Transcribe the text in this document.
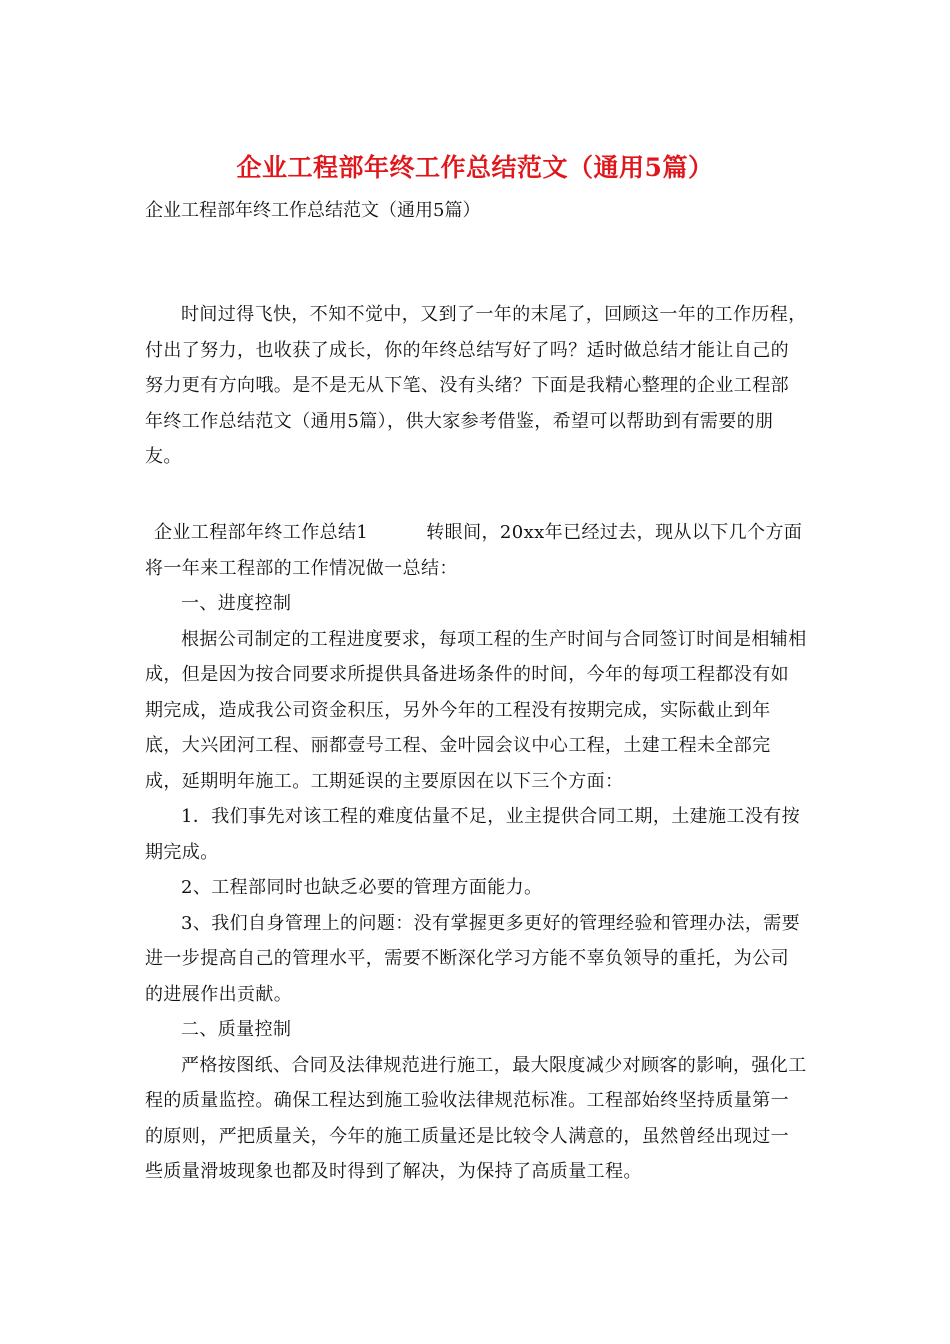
企业工程部年终工作总结范文（通用5篇）
企业工程部年终工作总结范文（通用5篇）

时间过得飞快，不知不觉中，又到了一年的末尾了，回顾这一年的工作历程，付出了努力，也收获了成长，你的年终总结写好了吗？适时做总结才能让自己的努力更有方向哦。是不是无从下笔、没有头绪？下面是我精心整理的企业工程部年终工作总结范文（通用5篇），供大家参考借鉴，希望可以帮助到有需要的朋友。

企业工程部年终工作总结1	转眼间，20xx年已经过去，现从以下几个方面将一年来工程部的工作情况做一总结：

一、进度控制

根据公司制定的工程进度要求，每项工程的生产时间与合同签订时间是相辅相成，但是因为按合同要求所提供具备进场条件的时间，今年的每项工程都没有如期完成，造成我公司资金积压，另外今年的工程没有按期完成，实际截止到年底，大兴团河工程、丽都壹号工程、金叶园会议中心工程，土建工程未全部完成，延期明年施工。工期延误的主要原因在以下三个方面：

1．我们事先对该工程的难度估量不足，业主提供合同工期，土建施工没有按期完成。

2、工程部同时也缺乏必要的管理方面能力。

3、我们自身管理上的问题：没有掌握更多更好的管理经验和管理办法，需要进一步提高自己的管理水平，需要不断深化学习方能不辜负领导的重托，为公司的进展作出贡献。

二、质量控制

严格按图纸、合同及法律规范进行施工，最大限度减少对顾客的影响，强化工程的质量监控。确保工程达到施工验收法律规范标准。工程部始终坚持质量第一的原则，严把质量关，今年的施工质量还是比较令人满意的，虽然曾经出现过一些质量滑坡现象也都及时得到了解决，为保持了高质量工程。
